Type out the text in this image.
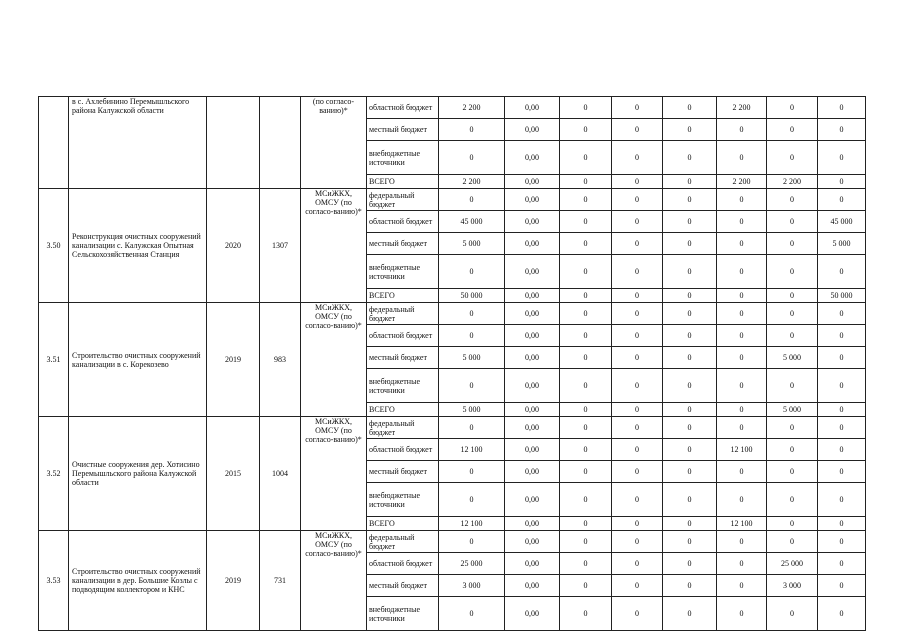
	в с. Ахлебинино Перемышльского района Калужской области			(по согласо-ванию)*	областной бюджет	2 200	0,00	0	0	0	2 200	0	0
					местный бюджет	0	0,00	0	0	0	0	0	0
					внебюджетные источники	0	0,00	0	0	0	0	0	0
					ВСЕГО	2 200	0,00	0	0	0	2 200	2 200	0
3.50	Реконструкция очистных сооружений канализации с. Калужская Опытная Сельскохозяйственная Станция	2020	1307	МСиЖКХ, ОМСУ (по согласо-ванию)*	федеральный бюджет	0	0,00	0	0	0	0	0	0
					областной бюджет	45 000	0,00	0	0	0	0	0	45 000
					местный бюджет	5 000	0,00	0	0	0	0	0	5 000
					внебюджетные источники	0	0,00	0	0	0	0	0	0
					ВСЕГО	50 000	0,00	0	0	0	0	0	50 000
3.51	Строительство очистных сооружений канализации в с. Корекозево	2019	983	МСиЖКХ, ОМСУ (по согласо-ванию)*	федеральный бюджет	0	0,00	0	0	0	0	0	0
					областной бюджет	0	0,00	0	0	0	0	0	0
					местный бюджет	5 000	0,00	0	0	0	0	5 000	0
					внебюджетные источники	0	0,00	0	0	0	0	0	0
					ВСЕГО	5 000	0,00	0	0	0	0	5 000	0
3.52	Очистные сооружения дер. Хотисино Перемышльского района Калужской области	2015	1004	МСиЖКХ, ОМСУ (по согласо-ванию)*	федеральный бюджет	0	0,00	0	0	0	0	0	0
					областной бюджет	12 100	0,00	0	0	0	12 100	0	0
					местный бюджет	0	0,00	0	0	0	0	0	0
					внебюджетные источники	0	0,00	0	0	0	0	0	0
					ВСЕГО	12 100	0,00	0	0	0	12 100	0	0
3.53	Строительство очистных сооружений канализации в дер. Большие Козлы с подводящим коллектором и КНС	2019	731	МСиЖКХ, ОМСУ (по согласо-ванию)*	федеральный бюджет	0	0,00	0	0	0	0	0	0
					областной бюджет	25 000	0,00	0	0	0	0	25 000	0
					местный бюджет	3 000	0,00	0	0	0	0	3 000	0
					внебюджетные источники	0	0,00	0	0	0	0	0	0
